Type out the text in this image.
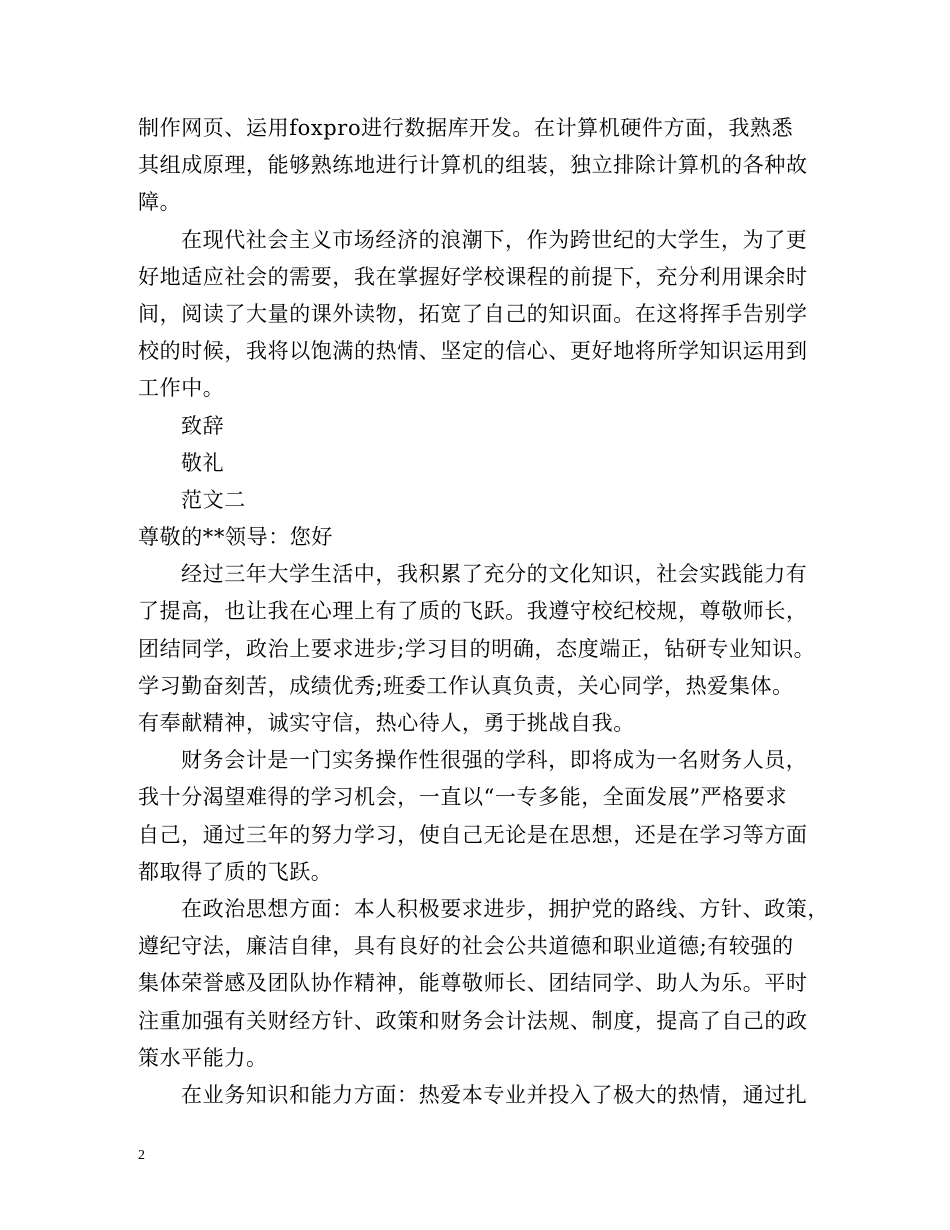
制作网页、运用foxpro进行数据库开发。在计算机硬件方面，我熟悉
其组成原理，能够熟练地进行计算机的组装，独立排除计算机的各种故
障。
在现代社会主义市场经济的浪潮下，作为跨世纪的大学生，为了更
好地适应社会的需要，我在掌握好学校课程的前提下，充分利用课余时
间，阅读了大量的课外读物，拓宽了自己的知识面。在这将挥手告别学
校的时候，我将以饱满的热情、坚定的信心、更好地将所学知识运用到
工作中。
致辞
敬礼
范文二
尊敬的**领导：您好
经过三年大学生活中，我积累了充分的文化知识，社会实践能力有
了提高，也让我在心理上有了质的飞跃。我遵守校纪校规，尊敬师长，
团结同学，政治上要求进步;学习目的明确，态度端正，钻研专业知识。
学习勤奋刻苦，成绩优秀;班委工作认真负责，关心同学，热爱集体。
有奉献精神，诚实守信，热心待人，勇于挑战自我。
财务会计是一门实务操作性很强的学科，即将成为一名财务人员，
我十分渴望难得的学习机会，一直以“一专多能，全面发展”严格要求
自己，通过三年的努力学习，使自己无论是在思想，还是在学习等方面
都取得了质的飞跃。
在政治思想方面：本人积极要求进步，拥护党的路线、方针、政策，
遵纪守法，廉洁自律，具有良好的社会公共道德和职业道德;有较强的
集体荣誉感及团队协作精神，能尊敬师长、团结同学、助人为乐。平时
注重加强有关财经方针、政策和财务会计法规、制度，提高了自己的政
策水平能力。
在业务知识和能力方面：热爱本专业并投入了极大的热情，通过扎
2
